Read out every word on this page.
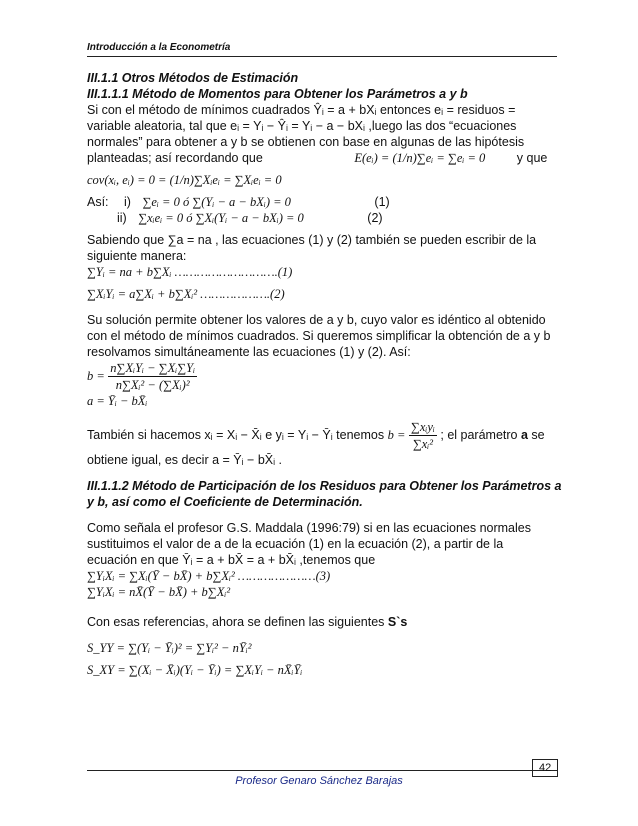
Introducción a la Econometría

III.1.1 Otros Métodos de Estimación

III.1.1.1 Método de Momentos para Obtener los Parámetros a y b

Si con el método de mínimos cuadrados Ŷᵢ = a + bXᵢ entonces eᵢ = residuos =

variable aleatoria, tal que eᵢ = Yᵢ − Ŷᵢ = Yᵢ − a − bXᵢ ,luego las dos “ecuaciones

normales” para obtener a y b se obtienen con base en algunas de las hipótesis

planteadas; así recordando que	E(eᵢ) = (1/n)∑eᵢ = ∑eᵢ = 0	y que

cov(xᵢ, eᵢ) = 0 = (1/n)∑Xᵢeᵢ = ∑Xᵢeᵢ = 0

Así: i) ∑eᵢ = 0 ó ∑(Yᵢ − a − bXᵢ) = 0	(1)

ii) ∑xᵢeᵢ = 0 ó ∑Xᵢ(Yᵢ − a − bXᵢ) = 0	(2)

Sabiendo que ∑a = na , las ecuaciones (1) y (2) también se pueden escribir de la

siguiente manera:

∑Yᵢ = na + b∑Xᵢ ……………………….(1)

∑XᵢYᵢ = a∑Xᵢ + b∑Xᵢ² ……………….(2)

Su solución permite obtener los valores de a y b, cuyo valor es idéntico al obtenido

con el método de mínimos cuadrados. Si queremos simplificar la obtención de a y b

resolvamos simultáneamente las ecuaciones (1) y (2). Así:

$b = \frac{\text{n∑XᵢYᵢ − ∑Xᵢ∑Yᵢ}}{\text{n∑Xᵢ² − (∑Xᵢ)²}}$

a = Ȳᵢ − bX̄ᵢ

También si hacemos xᵢ = Xᵢ − X̄ᵢ e yᵢ = Yᵢ − Ȳᵢ tenemos $b = \frac{\text{∑xᵢyᵢ}}{\text{∑xᵢ²}}$ ; el parámetro a se

obtiene igual, es decir a = Ȳᵢ − bX̄ᵢ .

III.1.1.2 Método de Participación de los Residuos para Obtener los Parámetros a

y b, así como el Coeficiente de Determinación.

Como señala el profesor G.S. Maddala (1996:79) si en las ecuaciones normales

sustituimos el valor de a de la ecuación (1) en la ecuación (2), a partir de la

ecuación en que Ȳᵢ = a + bX̄ = a + bX̄ᵢ ,tenemos que

∑YᵢXᵢ = ∑Xᵢ(Ȳ − bX̄) + b∑Xᵢ² …………………(3)

∑YᵢXᵢ = nX̄(Ȳ − bX̄) + b∑Xᵢ²

Con esas referencias, ahora se definen las siguientes S`s

S_YY = ∑(Yᵢ − Ȳᵢ)² = ∑Yᵢ² − nȲᵢ²

S_XY = ∑(Xᵢ − X̄ᵢ)(Yᵢ − Ȳᵢ) = ∑XᵢYᵢ − nX̄ᵢȲᵢ

42
Profesor Genaro Sánchez Barajas
